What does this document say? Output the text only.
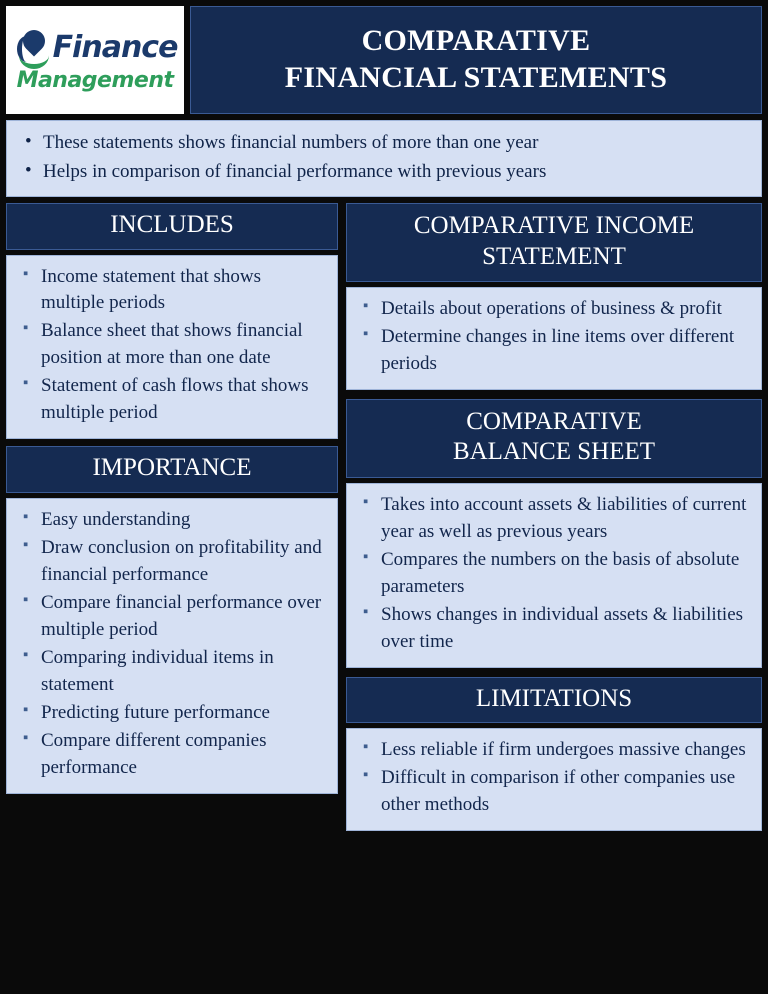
Finance
Management
COMPARATIVE
FINANCIAL STATEMENTS
• These statements shows financial numbers of more than one year
• Helps in comparison of financial performance with previous years
INCLUDES
▪ Income statement that shows multiple periods
▪ Balance sheet that shows financial position at more than one date
▪ Statement of cash flows that shows multiple period
IMPORTANCE
▪ Easy understanding
▪ Draw conclusion on profitability and financial performance
▪ Compare financial performance over multiple period
▪ Comparing individual items in statement
▪ Predicting future performance
▪ Compare different companies performance
COMPARATIVE INCOME
STATEMENT
▪ Details about operations of business & profit
▪ Determine changes in line items over different periods
COMPARATIVE
BALANCE SHEET
▪ Takes into account assets & liabilities of current year as well as previous years
▪ Compares the numbers on the basis of absolute parameters
▪ Shows changes in individual assets & liabilities over time
LIMITATIONS
▪ Less reliable if firm undergoes massive changes
▪ Difficult in comparison if other companies use other methods
